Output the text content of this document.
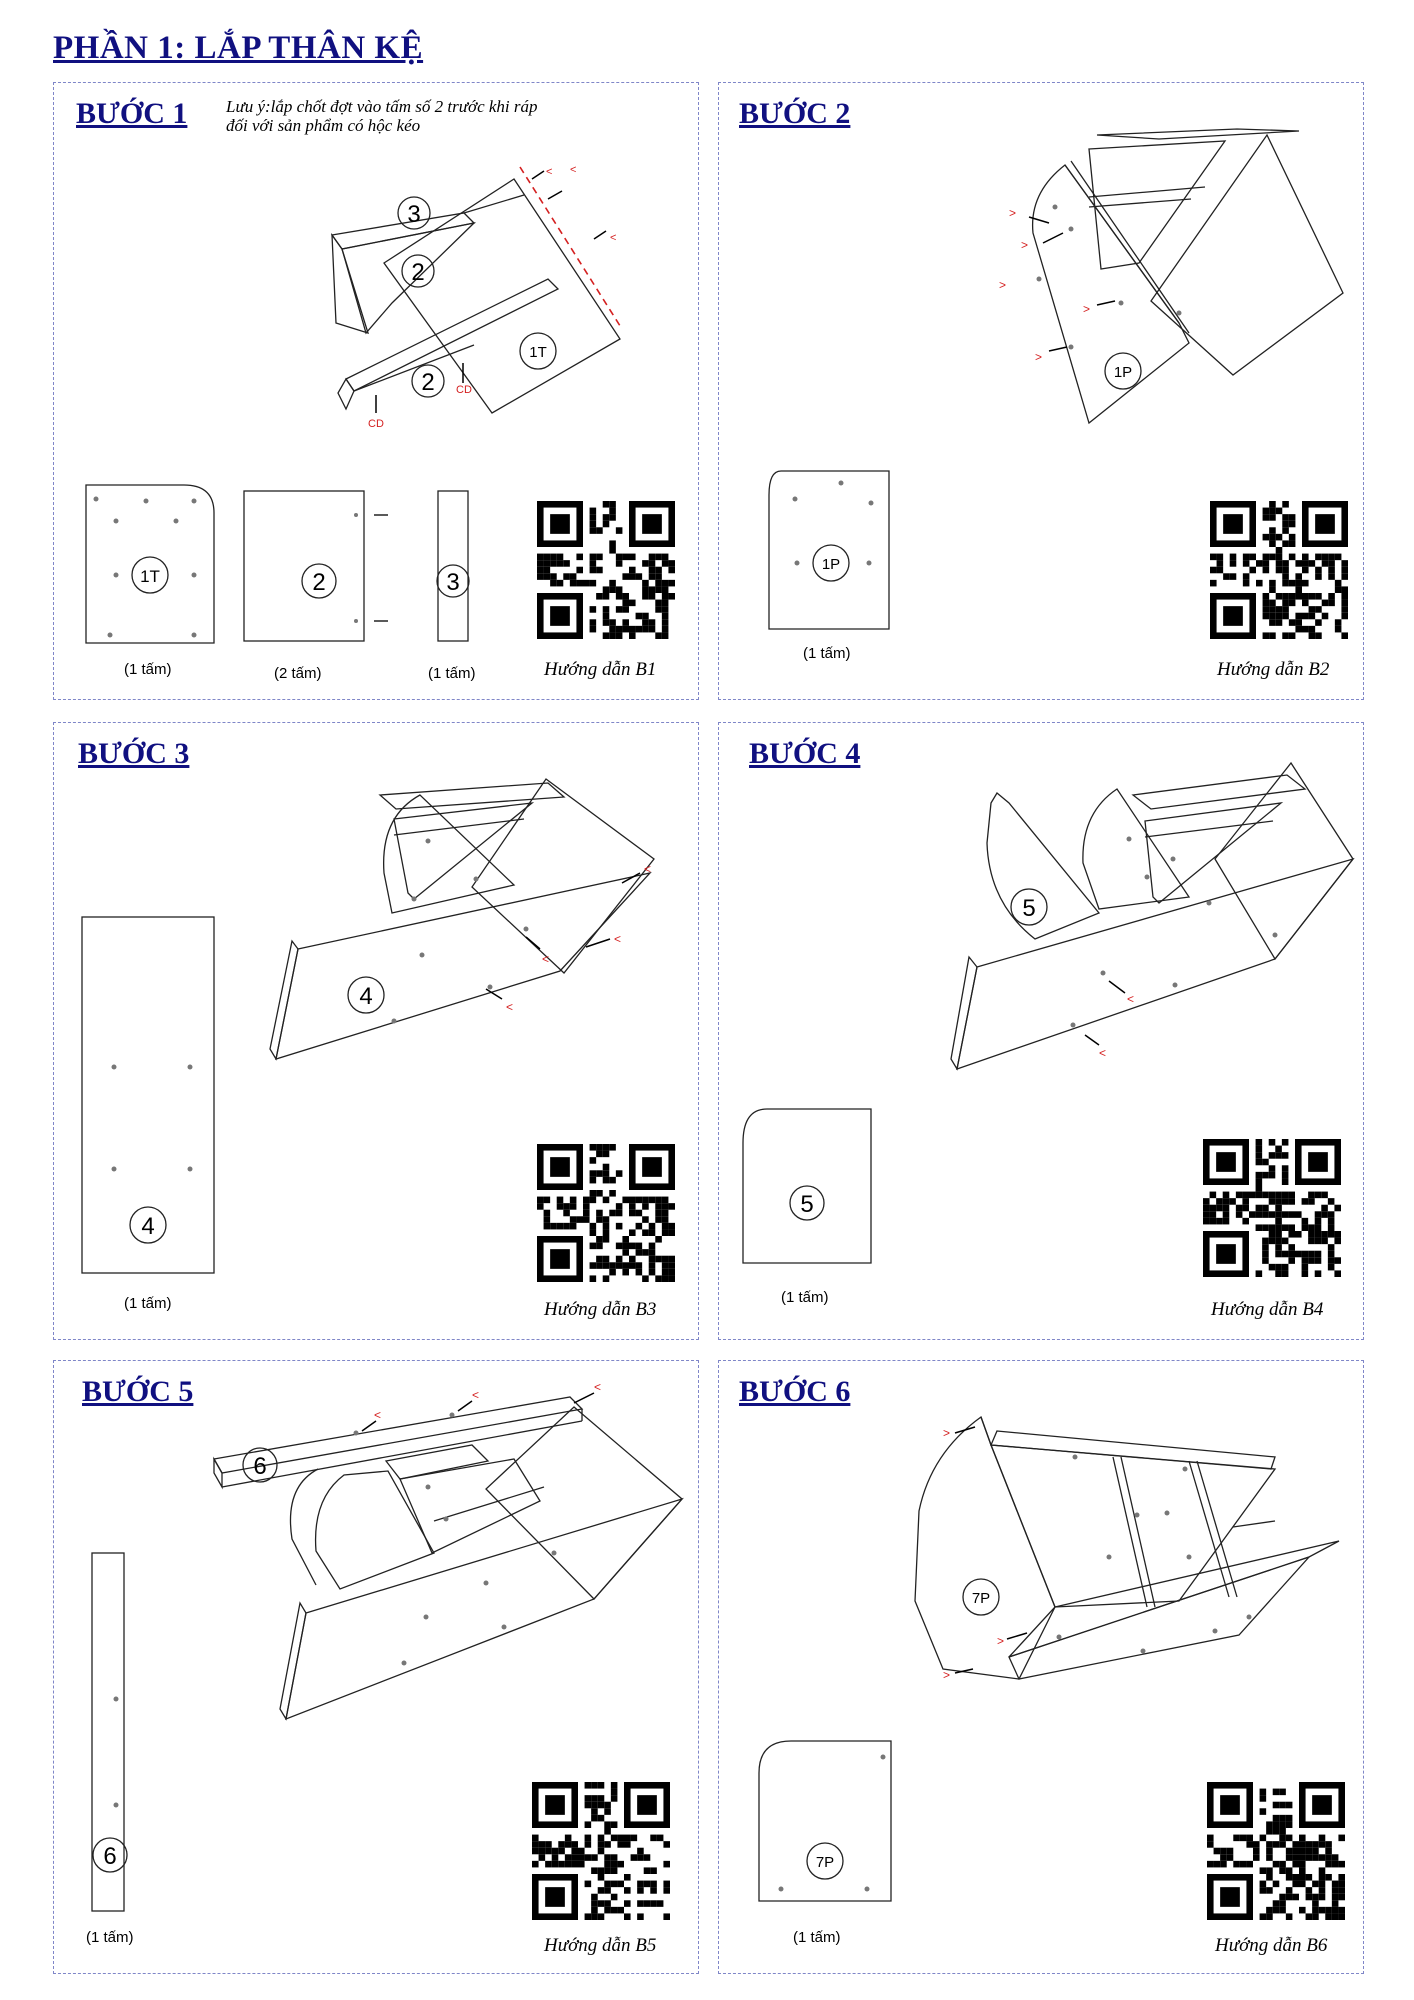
PHẦN 1: LẮP THÂN KỆ
< <
<
3
2
2
1T
CD
CD
1T	2	3
BƯỚC 1 Lưu ý:lắp chốt đợt vào tấm số 2 trước khi ráp
đối với sản phẩm có hộc kéo
(1 tấm)	(2 tấm)	(1 tấm)	Hướng dẫn B1
>
>
>
>
>
1P
1P
BƯỚC 2
(1 tấm)
Hướng dẫn B2
<
<
<
<
4
4
BƯỚC 3
(1 tấm)	Hướng dẫn B3
<
<
5
5
BƯỚC 4
(1 tấm)
Hướng dẫn B4
<
<
<
6
6
BƯỚC 5
(1 tấm)	Hướng dẫn B5
>
>
>
7P
7P
BƯỚC 6
(1 tấm)	Hướng dẫn B6
